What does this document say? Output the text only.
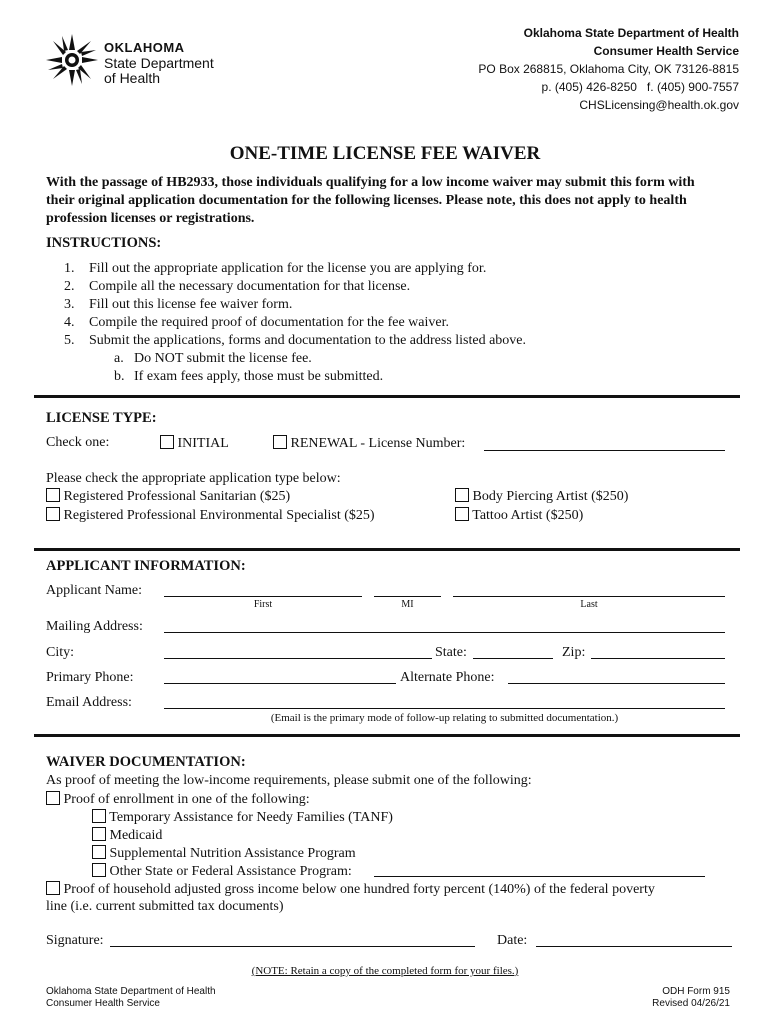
OKLAHOMA
State Department
of Health
Oklahoma State Department of Health
Consumer Health Service
PO Box 268815, Oklahoma City, OK 73126-8815
p. (405) 426-8250   f. (405) 900-7557
CHSLicensing@health.ok.gov
ONE-TIME LICENSE FEE WAIVER
With the passage of HB2933, those individuals qualifying for a low income waiver may submit this form with their original application documentation for the following licenses. Please note, this does not apply to health profession licenses or registrations.
INSTRUCTIONS:
1. Fill out the appropriate application for the license you are applying for.
2. Compile all the necessary documentation for that license.
3. Fill out this license fee waiver form.
4. Compile the required proof of documentation for the fee waiver.
5. Submit the applications, forms and documentation to the address listed above.
a. Do NOT submit the license fee.
b. If exam fees apply, those must be submitted.
LICENSE TYPE:
Check one:	INITIAL	RENEWAL - License Number:
Please check the appropriate application type below:
Registered Professional Sanitarian ($25)
Registered Professional Environmental Specialist ($25)
Body Piercing Artist ($250)
Tattoo Artist ($250)
APPLICANT INFORMATION:
Applicant Name:
First	MI	Last
Mailing Address:
City:	State:	Zip:
Primary Phone:	Alternate Phone:
Email Address:
(Email is the primary mode of follow-up relating to submitted documentation.)
WAIVER DOCUMENTATION:
As proof of meeting the low-income requirements, please submit one of the following:
Proof of enrollment in one of the following:
Temporary Assistance for Needy Families (TANF)
Medicaid
Supplemental Nutrition Assistance Program
Other State or Federal Assistance Program:
Proof of household adjusted gross income below one hundred forty percent (140%) of the federal poverty
line (i.e. current submitted tax documents)
Signature:	Date:
(NOTE: Retain a copy of the completed form for your files.)
Oklahoma State Department of Health
Consumer Health Service
ODH Form 915
Revised 04/26/21
